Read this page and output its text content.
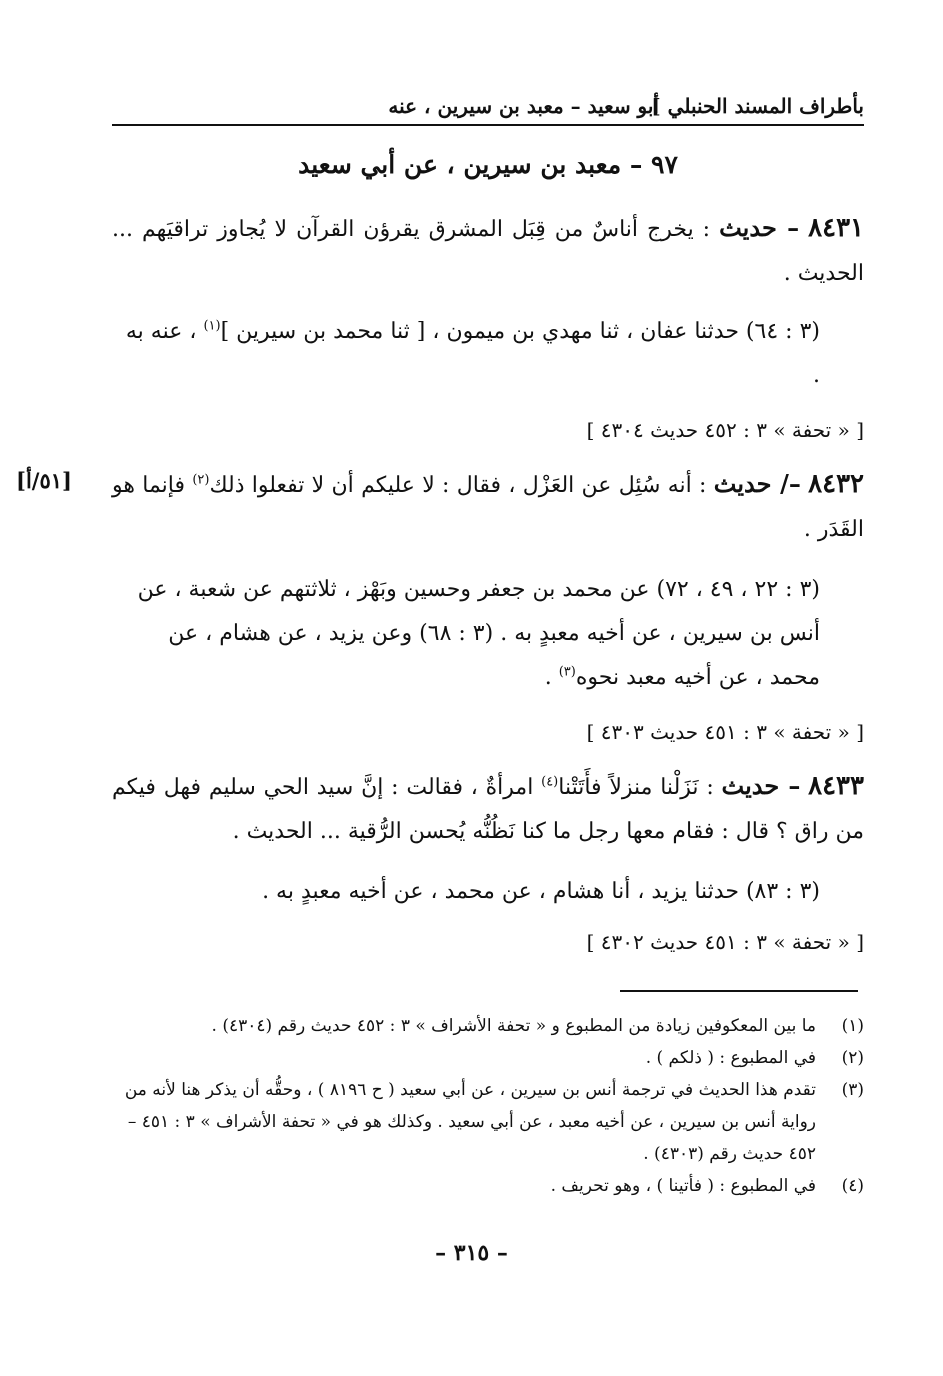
بأطراف المسند الحنبلي ]
أبو سعيد – معبد بن سيرين ، عنه
٩٧ – معبد بن سيرين ، عن أبي سعيد
٨٤٣١ – حديث : يخرج أناسٌ من قِبَل المشرق يقرؤن القرآن لا يُجاوز تراقيَهم ... الحديث .
(٣ : ٦٤) حدثنا عفان ، ثنا مهدي بن ميمون ، [ ثنا محمد بن سيرين ]$^{(١)}$ ، عنه به .
[ « تحفة » ٣ : ٤٥٢ حديث ٤٣٠٤ ]
[٥١/أ]	٨٤٣٢ –/ حديث : أنه سُئِل عن العَزْل ، فقال : لا عليكم أن لا تفعلوا ذلك$^{(٢)}$ فإنما هو القَدَر .
(٣ : ٢٢ ، ٤٩ ، ٧٢) عن محمد بن جعفر وحسين وبَهْز ، ثلاثتهم عن شعبة ، عن أنس بن سيرين ، عن أخيه معبدٍ به . (٣ : ٦٨) وعن يزيد ، عن هشام ، عن محمد ، عن أخيه معبد نحوه$^{(٣)}$ .
[ « تحفة » ٣ : ٤٥١ حديث ٤٣٠٣ ]
٨٤٣٣ – حديث : نَزَلْنا منزلاً فأَتَتْنا$^{(٤)}$ امرأةٌ ، فقالت : إنَّ سيد الحي سليم فهل فيكم من راق ؟ قال : فقام معها رجل ما كنا نَظُنُّه يُحسن الرُّقية ... الحديث .
(٣ : ٨٣) حدثنا يزيد ، أنا هشام ، عن محمد ، عن أخيه معبدٍ به .
[ « تحفة » ٣ : ٤٥١ حديث ٤٣٠٢ ]
(١)
ما بين المعكوفين زيادة من المطبوع و « تحفة الأشراف » ٣ : ٤٥٢ حديث رقم (٤٣٠٤) .
(٢)
في المطبوع : ( ذلكم ) .
(٣)
تقدم هذا الحديث في ترجمة أنس بن سيرين ، عن أبي سعيد ( ح ٨١٩٦ ) ، وحقُّه أن يذكر هنا لأنه من رواية أنس بن سيرين ، عن أخيه معبد ، عن أبي سعيد . وكذلك هو في « تحفة الأشراف » ٣ : ٤٥١ – ٤٥٢ حديث رقم (٤٣٠٣) .
(٤)
في المطبوع : ( فأتينا ) ، وهو تحريف .
– ٣١٥ –
